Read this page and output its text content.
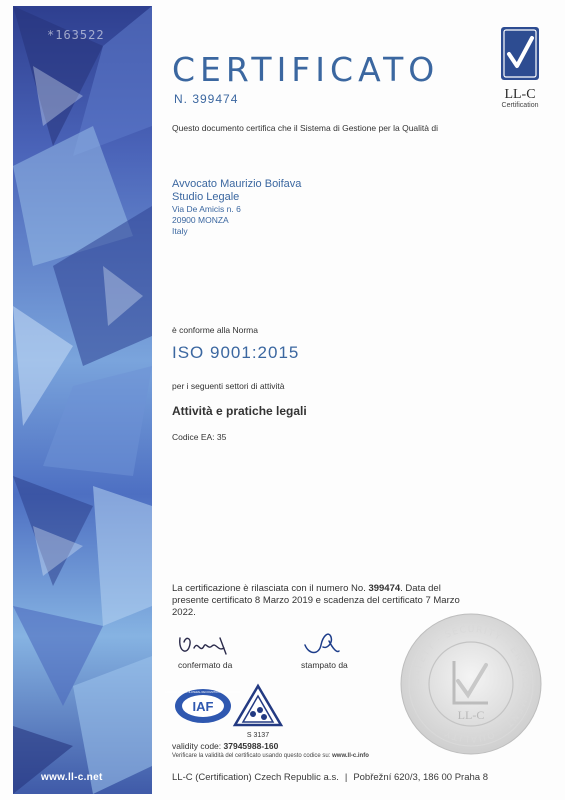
*163522
www.ll-c.net
CERTIFICATO
N. 399474	LL-C
Certification
Questo documento certifica che il Sistema di Gestione per la Qualità di
Avvocato Maurizio Boifava
Studio Legale
Via De Amicis n. 6
20900 MONZA
Italy
è conforme alla Norma
ISO 9001:2015
per i seguenti settori di attività
Attività e pratiche legali
Codice EA: 35
La certificazione è rilasciata con il numero No. 399474. Data del presente certificato 8 Marzo 2019 e scadenza del certificato 7 Marzo 2022.
confermato da	stampato da
SAFETY · SECURITY · ENVIRONMENT · QUALITY
LL-C
IAF
MEMBER OF MULTILATERAL RECOGNITION ARRANGEMENT
S 3137
validity code: 37945988-160
Verificare la validità del certificato usando questo codice su: www.ll-c.info
LL-C (Certification) Czech Republic a.s. | Pobřežní 620/3, 186 00 Praha 8
